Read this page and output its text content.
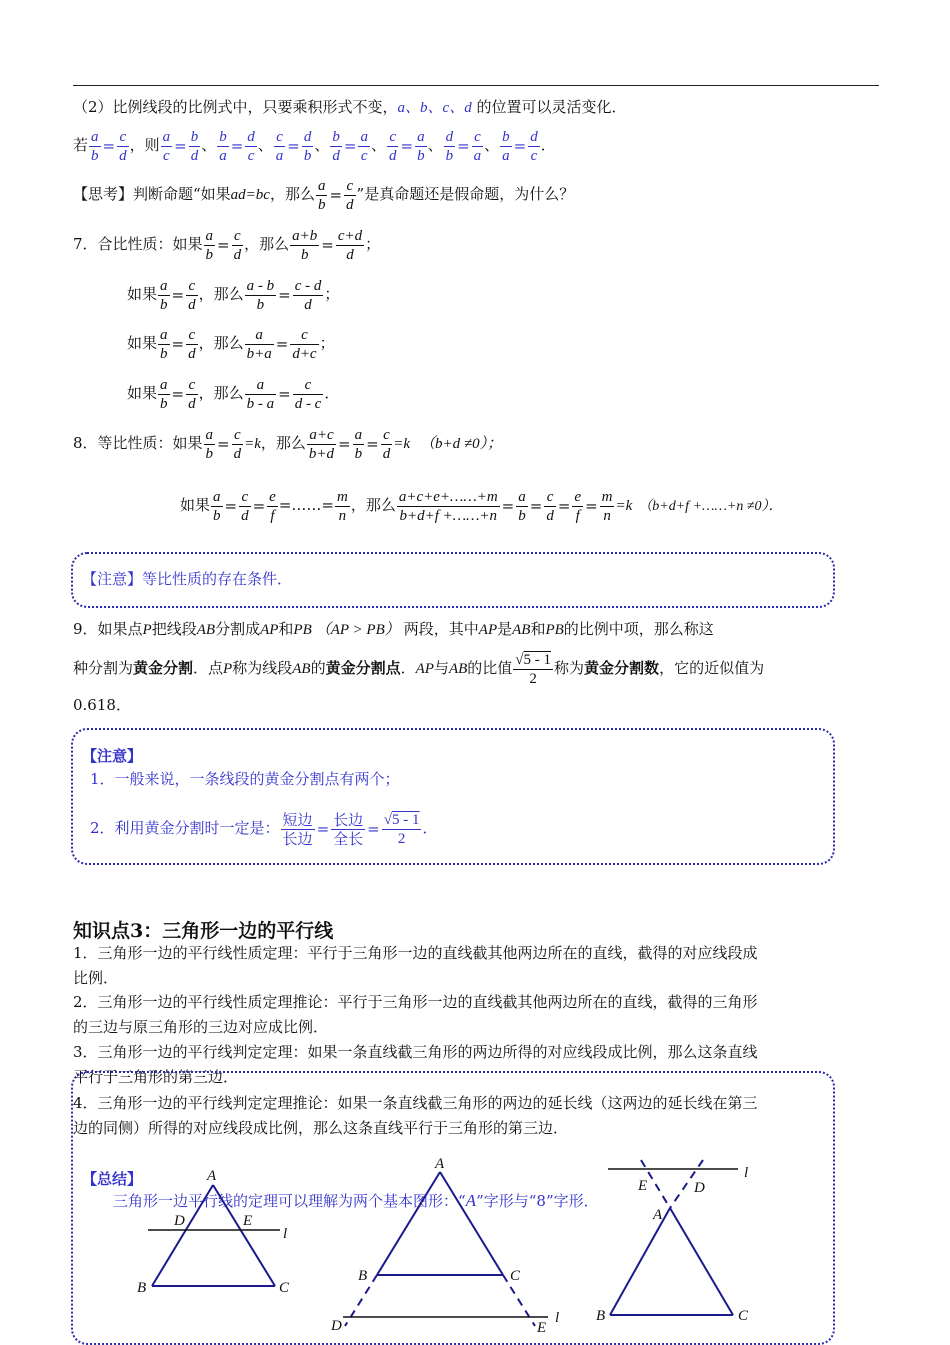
（2）比例线段的比例式中，只要乘积形式不变，a、b、c、d 的位置可以灵活变化．
若 $\frac{a}{b} = \frac{c}{d}$ ，则 $\frac{a}{c} = \frac{b}{d}$ 、 $\frac{b}{a} = \frac{d}{c}$ 、 $\frac{c}{a} = \frac{d}{b}$ 、 $\frac{b}{d} = \frac{a}{c}$ 、 $\frac{c}{d} = \frac{a}{b}$ 、 $\frac{d}{b} = \frac{c}{a}$ 、 $\frac{b}{a} = \frac{d}{c}$ ．
【思考】判断命题“如果ad=bc，那么 $\frac{a}{b} = \frac{c}{d}$ ”是真命题还是假命题，为什么？
7．合比性质：如果 $\frac{a}{b} = \frac{c}{d}$ ，那么 $\frac{a+b}{b} = \frac{c+d}{d}$ ；
如果 $\frac{a}{b} = \frac{c}{d}$ ，那么 $\frac{a - b}{b} = \frac{c - d}{d}$ ；
如果 $\frac{a}{b} = \frac{c}{d}$ ，那么 $\frac{a}{b+a} = \frac{c}{d+c}$ ；
如果 $\frac{a}{b} = \frac{c}{d}$ ，那么 $\frac{a}{b - a} = \frac{c}{d - c}$ ．
8．等比性质：如果 $\frac{a}{b} = \frac{c}{d} =k$，那么 $\frac{a+c}{b+d} = \frac{a}{b} = \frac{c}{d} =k$ （b+d ≠0）；
如果 $\frac{a}{b} = \frac{c}{d} = \frac{e}{f}$ =……= $\frac{m}{n}$ ，那么 $\frac{a+c+e+\dots\dots+m}{b+d+f +\dots\dots+n} = \frac{a}{b} = \frac{c}{d} = \frac{e}{f} = \frac{m}{n} =k$ （b+d+f +……+n ≠0）．
【注意】等比性质的存在条件．
9．如果点P把线段AB分割成AP和PB （AP > PB） 两段，其中AP是AB和PB的比例中项，那么称这
种分割为黄金分割．点P称为线段AB的黄金分割点．AP与AB的比值 $\frac{√5 - 1}{2}$ 称为黄金分割数，它的近似值为
0.618．
【注意】
1．一般来说，一条线段的黄金分割点有两个；
2．利用黄金分割时一定是： $\frac{\text{短边}}{\text{长边}} = \frac{\text{长边}}{\text{全长}} = \frac{√5 - 1}{2}$ ．
知识点3：三角形一边的平行线
1．三角形一边的平行线性质定理：平行于三角形一边的直线截其他两边所在的直线，截得的对应线段成
比例．
2．三角形一边的平行线性质定理推论：平行于三角形一边的直线截其他两边所在的直线，截得的三角形
的三边与原三角形的三边对应成比例．
3．三角形一边的平行线判定定理：如果一条直线截三角形的两边所得的对应线段成比例，那么这条直线
平行于三角形的第三边．
4．三角形一边的平行线判定定理推论：如果一条直线截三角形的两边的延长线（这两边的延长线在第三
边的同侧）所得的对应线段成比例，那么这条直线平行于三角形的第三边．
【总结】
三角形一边平行线的定理可以理解为两个基本图形：“A”字形与“8”字形．
A
D	E
l
B	C
A
B	C
D	E
l
l
E	D
A
B	C
